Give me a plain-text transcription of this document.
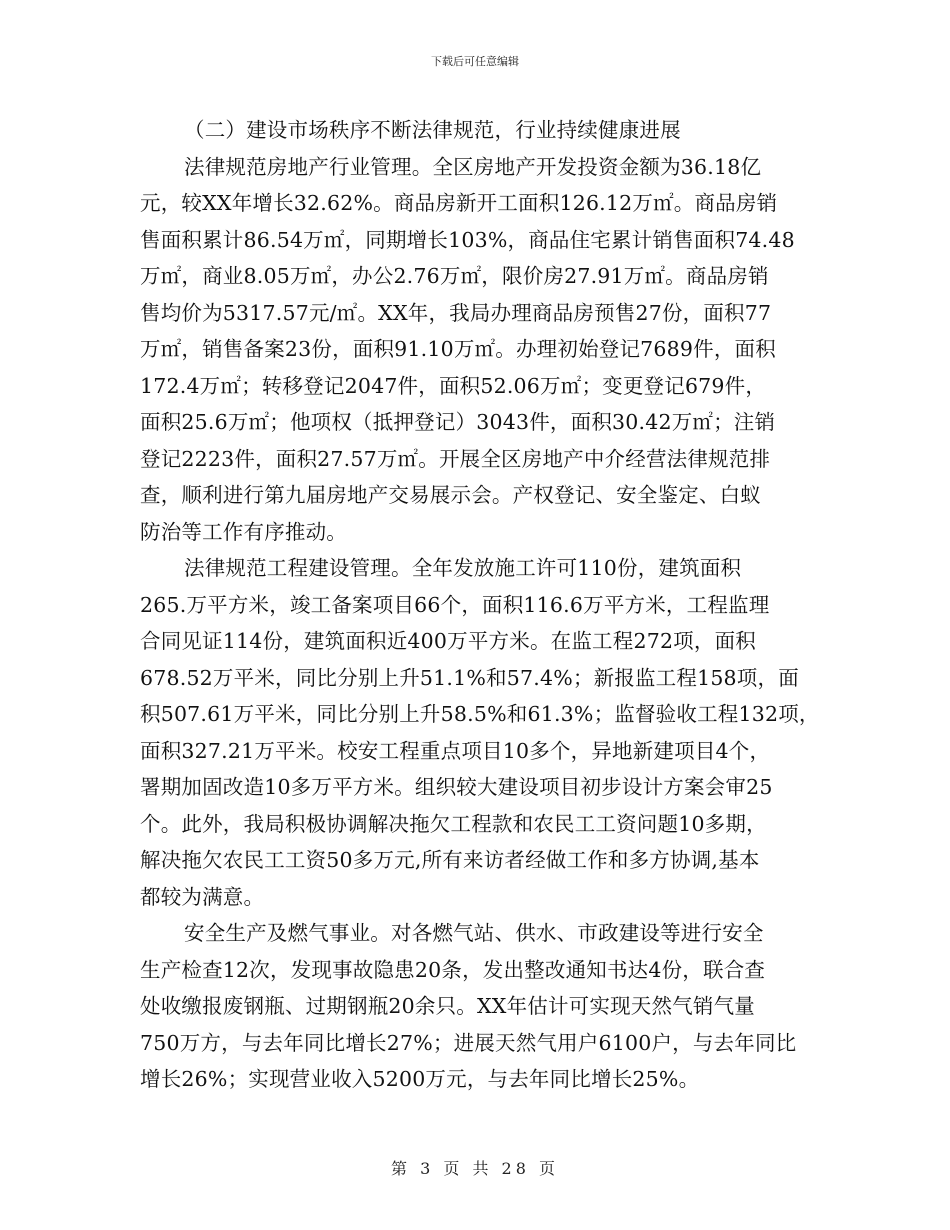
下载后可任意编辑
（二）建设市场秩序不断法律规范，行业持续健康进展
法律规范房地产行业管理。全区房地产开发投资金额为36.18亿
元，较XX年增长32.62%。商品房新开工面积126.12万㎡。商品房销
售面积累计86.54万㎡，同期增长103%，商品住宅累计销售面积74.48
万㎡，商业8.05万㎡，办公2.76万㎡，限价房27.91万㎡。商品房销
售均价为5317.57元/㎡。XX年，我局办理商品房预售27份，面积77
万㎡，销售备案23份，面积91.10万㎡。办理初始登记7689件，面积
172.4万㎡；转移登记2047件，面积52.06万㎡；变更登记679件，
面积25.6万㎡；他项权（抵押登记）3043件，面积30.42万㎡；注销
登记2223件，面积27.57万㎡。开展全区房地产中介经营法律规范排
查，顺利进行第九届房地产交易展示会。产权登记、安全鉴定、白蚁
防治等工作有序推动。
法律规范工程建设管理。全年发放施工许可110份，建筑面积
265.万平方米，竣工备案项目66个，面积116.6万平方米，工程监理
合同见证114份，建筑面积近400万平方米。在监工程272项，面积
678.52万平米，同比分别上升51.1%和57.4%；新报监工程158项，面
积507.61万平米，同比分别上升58.5%和61.3%；监督验收工程132项，
面积327.21万平米。校安工程重点项目10多个，异地新建项目4个，
署期加固改造10多万平方米。组织较大建设项目初步设计方案会审25
个。此外，我局积极协调解决拖欠工程款和农民工工资问题10多期，
解决拖欠农民工工资50多万元,所有来访者经做工作和多方协调,基本
都较为满意。
安全生产及燃气事业。对各燃气站、供水、市政建设等进行安全
生产检查12次，发现事故隐患20条，发出整改通知书达4份，联合查
处收缴报废钢瓶、过期钢瓶20余只。XX年估计可实现天然气销气量
750万方，与去年同比增长27%；进展天然气用户6100户，与去年同比
增长26%；实现营业收入5200万元，与去年同比增长25%。
第 3 页 共 28 页
